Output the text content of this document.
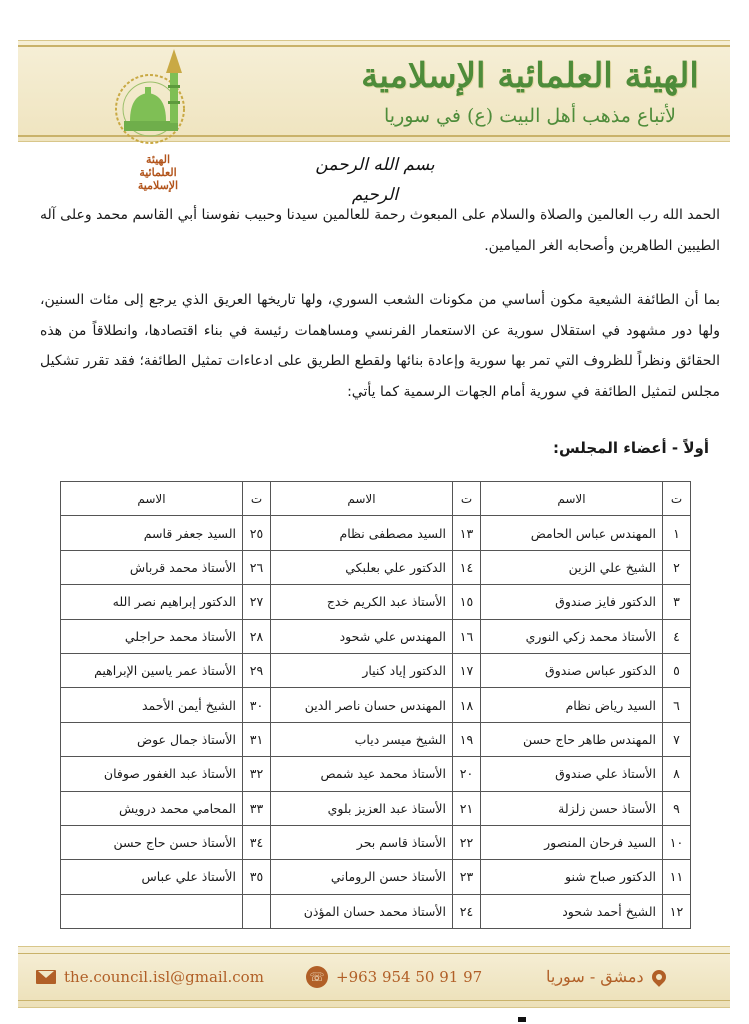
الهيئة
العلمائية
الإسلامية
الهيئة العلمائية الإسلامية
لأتباع مذهب أهل البيت (ع) في سوريا
بسم الله الرحمن الرحيم
الحمد الله رب العالمين والصلاة والسلام على المبعوث رحمة للعالمين سيدنا وحبيب نفوسنا أبي القاسم محمد وعلى آله الطيبين الطاهرين وأصحابه الغر الميامين.
بما أن الطائفة الشيعية مكون أساسي من مكونات الشعب السوري، ولها تاريخها العريق الذي يرجع إلى مئات السنين، ولها دور مشهود في استقلال سورية عن الاستعمار الفرنسي ومساهمات رئيسة في بناء اقتصادها، وانطلاقاً من هذه الحقائق ونظراً للظروف التي تمر بها سورية وإعادة بنائها ولقطع الطريق على ادعاءات تمثيل الطائفة؛ فقد تقرر تشكيل مجلس لتمثيل الطائفة في سورية أمام الجهات الرسمية كما يأتي:
أولاً - أعضاء المجلس:
ت	الاسم	ت	الاسم	ت	الاسم
١	المهندس عباس الحامض	١٣	السيد مصطفى نظام	٢٥	السيد جعفر قاسم
٢	الشيخ علي الزين	١٤	الدكتور علي بعلبكي	٢٦	الأستاذ محمد قرباش
٣	الدكتور فايز صندوق	١٥	الأستاذ عبد الكريم خدج	٢٧	الدكتور إبراهيم نصر الله
٤	الأستاذ محمد زكي النوري	١٦	المهندس علي شحود	٢٨	الأستاذ محمد حراجلي
٥	الدكتور عباس صندوق	١٧	الدكتور إياد كنيار	٢٩	الأستاذ عمر ياسين الإبراهيم
٦	السيد رياض نظام	١٨	المهندس حسان ناصر الدين	٣٠	الشيخ أيمن الأحمد
٧	المهندس طاهر حاج حسن	١٩	الشيخ ميسر دياب	٣١	الأستاذ جمال عوض
٨	الأستاذ علي صندوق	٢٠	الأستاذ محمد عيد شمص	٣٢	الأستاذ عبد الغفور صوفان
٩	الأستاذ حسن زلزلة	٢١	الأستاذ عبد العزيز بلوي	٣٣	المحامي محمد درويش
١٠	السيد فرحان المنصور	٢٢	الأستاذ قاسم بحر	٣٤	الأستاذ حسن حاج حسن
١١	الدكتور صباح شنو	٢٣	الأستاذ حسن الروماني	٣٥	الأستاذ علي عباس
١٢	الشيخ أحمد شحود	٢٤	الأستاذ محمد حسان المؤذن		
the.council.isl@gmail.com	☏ +963 954 50 91 97	دمشق - سوريا
